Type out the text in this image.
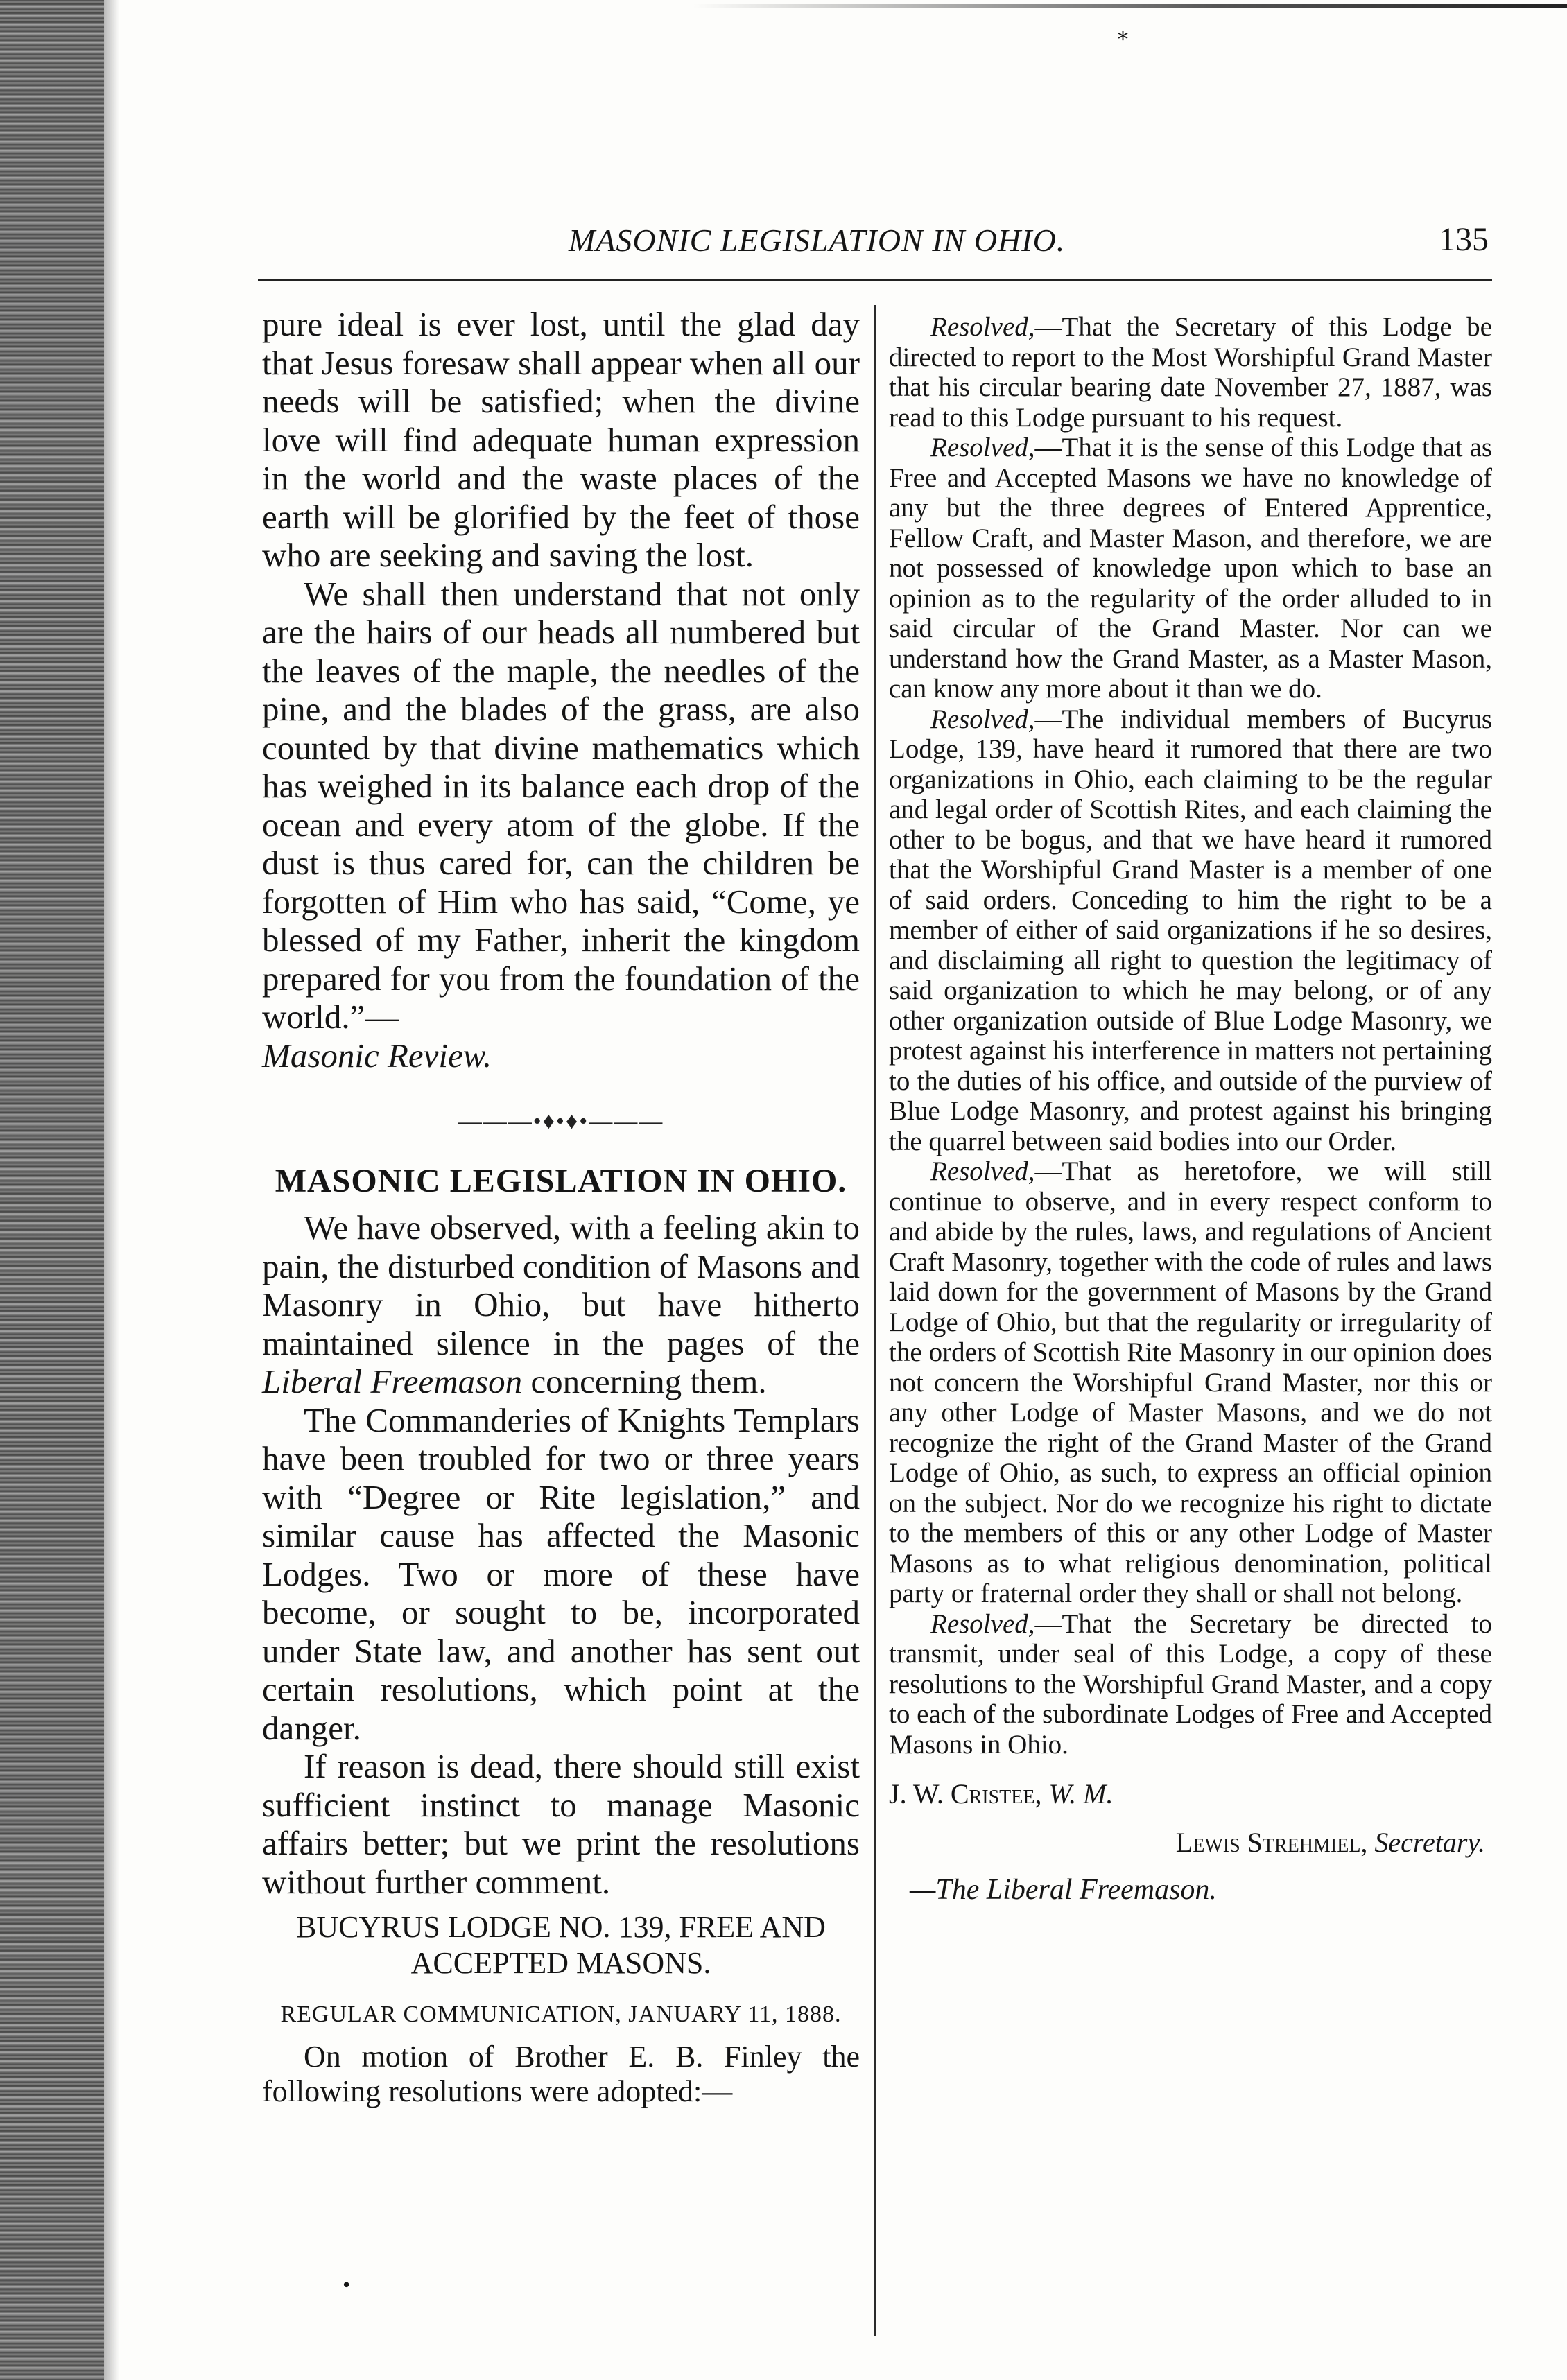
*
MASONIC LEGISLATION IN OHIO.	135

pure ideal is ever lost, until the glad day that Jesus foresaw shall appear when all our needs will be satisfied; when the divine love will find adequate human expression in the world and the waste places of the earth will be glorified by the feet of those who are seeking and saving the lost.

We shall then understand that not only are the hairs of our heads all numbered but the leaves of the maple, the needles of the pine, and the blades of the grass, are also counted by that divine mathematics which has weighed in its balance each drop of the ocean and every atom of the globe. If the dust is thus cared for, can the children be forgotten of Him who has said, “Come, ye blessed of my Father, inherit the kingdom prepared for you from the foundation of the world.”—

Masonic Review.

———•♦•♦•———
MASONIC LEGISLATION IN OHIO.

We have observed, with a feeling akin to pain, the disturbed condition of Masons and Masonry in Ohio, but have hitherto maintained silence in the pages of the Liberal Freemason concerning them.

The Commanderies of Knights Templars have been troubled for two or three years with “Degree or Rite legislation,” and similar cause has affected the Masonic Lodges. Two or more of these have become, or sought to be, incorporated under State law, and another has sent out certain resolutions, which point at the danger.

If reason is dead, there should still exist sufficient instinct to manage Masonic affairs better; but we print the resolutions without further comment.

BUCYRUS LODGE NO. 139, FREE AND ACCEPTED MASONS.
REGULAR COMMUNICATION, JANUARY 11, 1888.

On motion of Brother E. B. Finley the following resolutions were adopted:—

Resolved,—That the Secretary of this Lodge be directed to report to the Most Worshipful Grand Master that his circular bearing date November 27, 1887, was read to this Lodge pursuant to his request.

Resolved,—That it is the sense of this Lodge that as Free and Accepted Masons we have no knowledge of any but the three degrees of Entered Apprentice, Fellow Craft, and Master Mason, and therefore, we are not possessed of knowledge upon which to base an opinion as to the regularity of the order alluded to in said circular of the Grand Master. Nor can we understand how the Grand Master, as a Master Mason, can know any more about it than we do.

Resolved,—The individual members of Bucyrus Lodge, 139, have heard it rumored that there are two organizations in Ohio, each claiming to be the regular and legal order of Scottish Rites, and each claiming the other to be bogus, and that we have heard it rumored that the Worshipful Grand Master is a member of one of said orders. Conceding to him the right to be a member of either of said organizations if he so desires, and disclaiming all right to question the legitimacy of said organization to which he may belong, or of any other organization outside of Blue Lodge Masonry, we protest against his interference in matters not pertaining to the duties of his office, and outside of the purview of Blue Lodge Masonry, and protest against his bringing the quarrel between said bodies into our Order.

Resolved,—That as heretofore, we will still continue to observe, and in every respect conform to and abide by the rules, laws, and regulations of Ancient Craft Masonry, together with the code of rules and laws laid down for the government of Masons by the Grand Lodge of Ohio, but that the regularity or irregularity of the orders of Scottish Rite Masonry in our opinion does not concern the Worshipful Grand Master, nor this or any other Lodge of Master Masons, and we do not recognize the right of the Grand Master of the Grand Lodge of Ohio, as such, to express an official opinion on the subject. Nor do we recognize his right to dictate to the members of this or any other Lodge of Master Masons as to what religious denomination, political party or fraternal order they shall or shall not belong.

Resolved,—That the Secretary be directed to transmit, under seal of this Lodge, a copy of these resolutions to the Worshipful Grand Master, and a copy to each of the subordinate Lodges of Free and Accepted Masons in Ohio.

J. W. Cristee, W. M.
Lewis Strehmiel, Secretary.
—The Liberal Freemason.
•
